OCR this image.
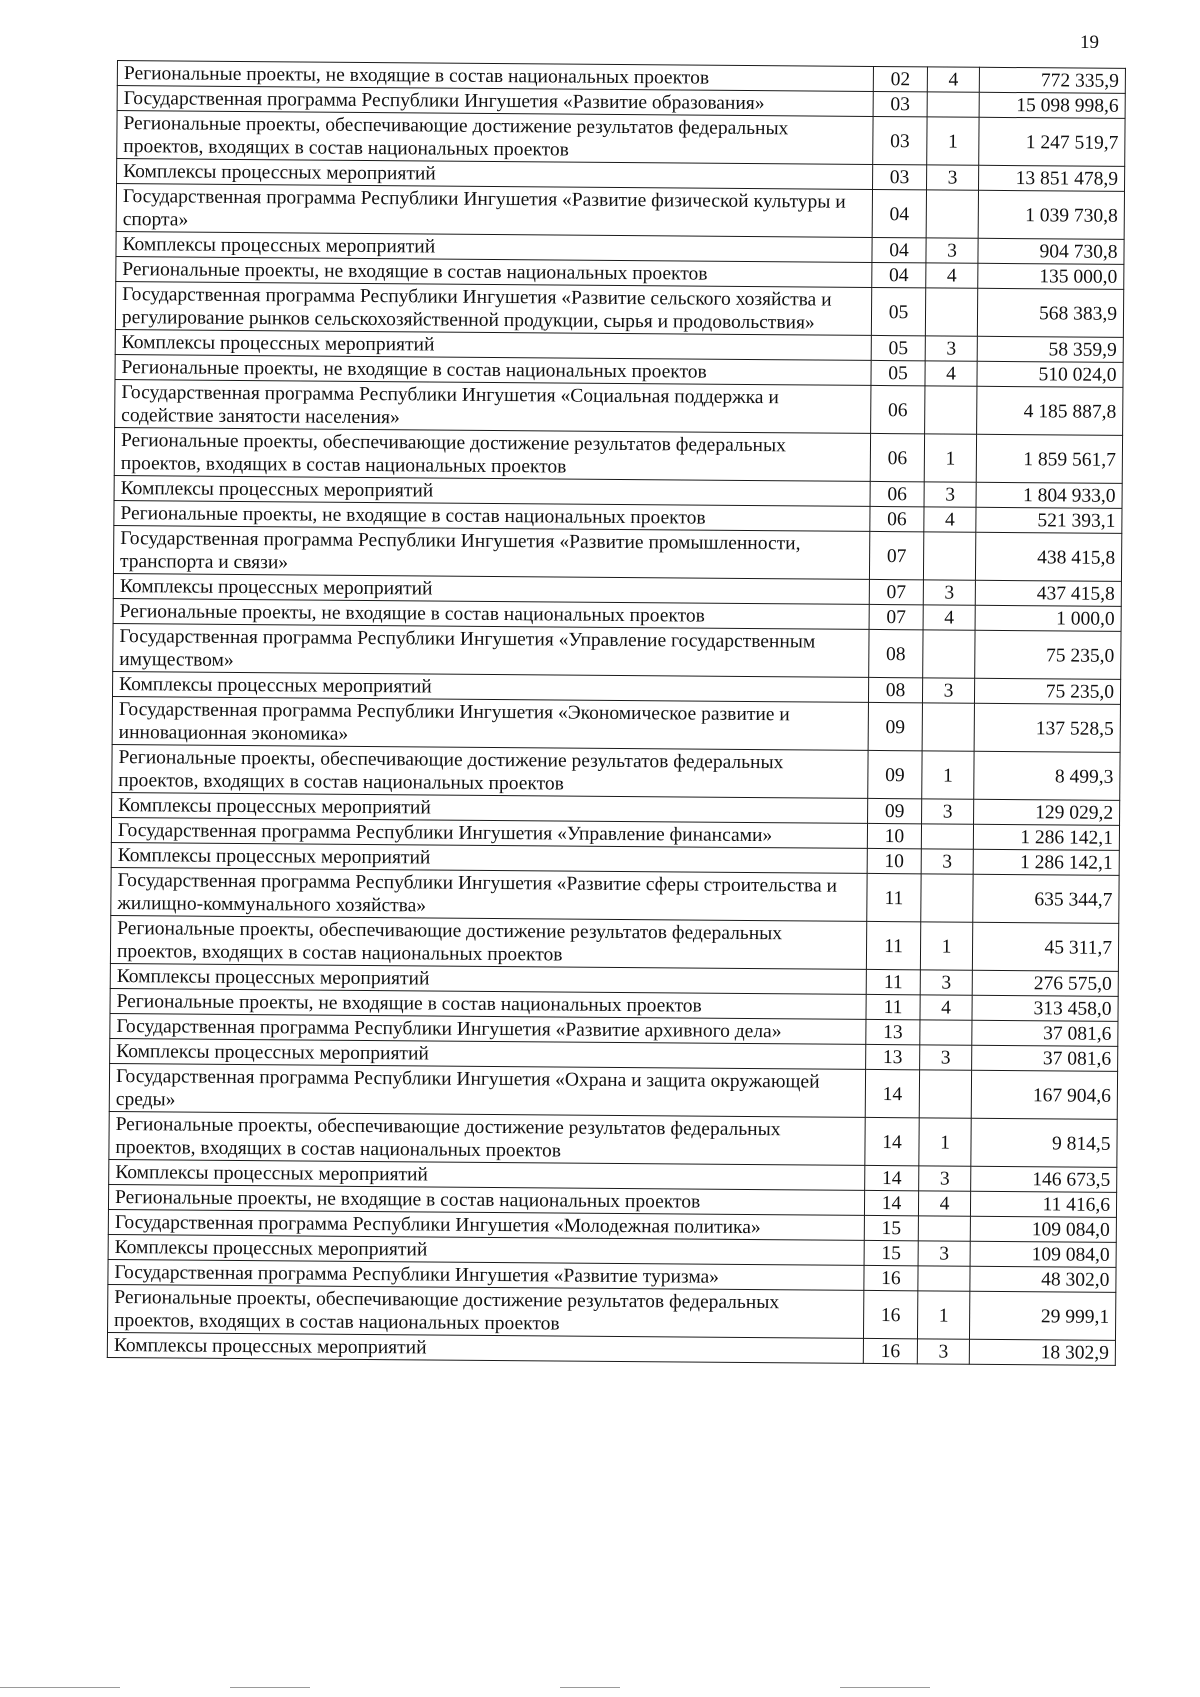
19
Региональные проекты, не входящие в состав национальных проектов	02	4	772 335,9
Государственная программа Республики Ингушетия «Развитие образования»	03		15 098 998,6
Региональные проекты, обеспечивающие достижение результатов федеральных проектов, входящих в состав национальных проектов	03	1	1 247 519,7
Комплексы процессных мероприятий	03	3	13 851 478,9
Государственная программа Республики Ингушетия «Развитие физической культуры и спорта»	04		1 039 730,8
Комплексы процессных мероприятий	04	3	904 730,8
Региональные проекты, не входящие в состав национальных проектов	04	4	135 000,0
Государственная программа Республики Ингушетия «Развитие сельского хозяйства и регулирование рынков сельскохозяйственной продукции, сырья и продовольствия»	05		568 383,9
Комплексы процессных мероприятий	05	3	58 359,9
Региональные проекты, не входящие в состав национальных проектов	05	4	510 024,0
Государственная программа Республики Ингушетия «Социальная поддержка и содействие занятости населения»	06		4 185 887,8
Региональные проекты, обеспечивающие достижение результатов федеральных проектов, входящих в состав национальных проектов	06	1	1 859 561,7
Комплексы процессных мероприятий	06	3	1 804 933,0
Региональные проекты, не входящие в состав национальных проектов	06	4	521 393,1
Государственная программа Республики Ингушетия «Развитие промышленности, транспорта и связи»	07		438 415,8
Комплексы процессных мероприятий	07	3	437 415,8
Региональные проекты, не входящие в состав национальных проектов	07	4	1 000,0
Государственная программа Республики Ингушетия «Управление государственным имуществом»	08		75 235,0
Комплексы процессных мероприятий	08	3	75 235,0
Государственная программа Республики Ингушетия «Экономическое развитие и инновационная экономика»	09		137 528,5
Региональные проекты, обеспечивающие достижение результатов федеральных проектов, входящих в состав национальных проектов	09	1	8 499,3
Комплексы процессных мероприятий	09	3	129 029,2
Государственная программа Республики Ингушетия «Управление финансами»	10		1 286 142,1
Комплексы процессных мероприятий	10	3	1 286 142,1
Государственная программа Республики Ингушетия «Развитие сферы строительства и жилищно-коммунального хозяйства»	11		635 344,7
Региональные проекты, обеспечивающие достижение результатов федеральных проектов, входящих в состав национальных проектов	11	1	45 311,7
Комплексы процессных мероприятий	11	3	276 575,0
Региональные проекты, не входящие в состав национальных проектов	11	4	313 458,0
Государственная программа Республики Ингушетия «Развитие архивного дела»	13		37 081,6
Комплексы процессных мероприятий	13	3	37 081,6
Государственная программа Республики Ингушетия «Охрана и защита окружающей среды»	14		167 904,6
Региональные проекты, обеспечивающие достижение результатов федеральных проектов, входящих в состав национальных проектов	14	1	9 814,5
Комплексы процессных мероприятий	14	3	146 673,5
Региональные проекты, не входящие в состав национальных проектов	14	4	11 416,6
Государственная программа Республики Ингушетия «Молодежная политика»	15		109 084,0
Комплексы процессных мероприятий	15	3	109 084,0
Государственная программа Республики Ингушетия «Развитие туризма»	16		48 302,0
Региональные проекты, обеспечивающие достижение результатов федеральных проектов, входящих в состав национальных проектов	16	1	29 999,1
Комплексы процессных мероприятий	16	3	18 302,9
